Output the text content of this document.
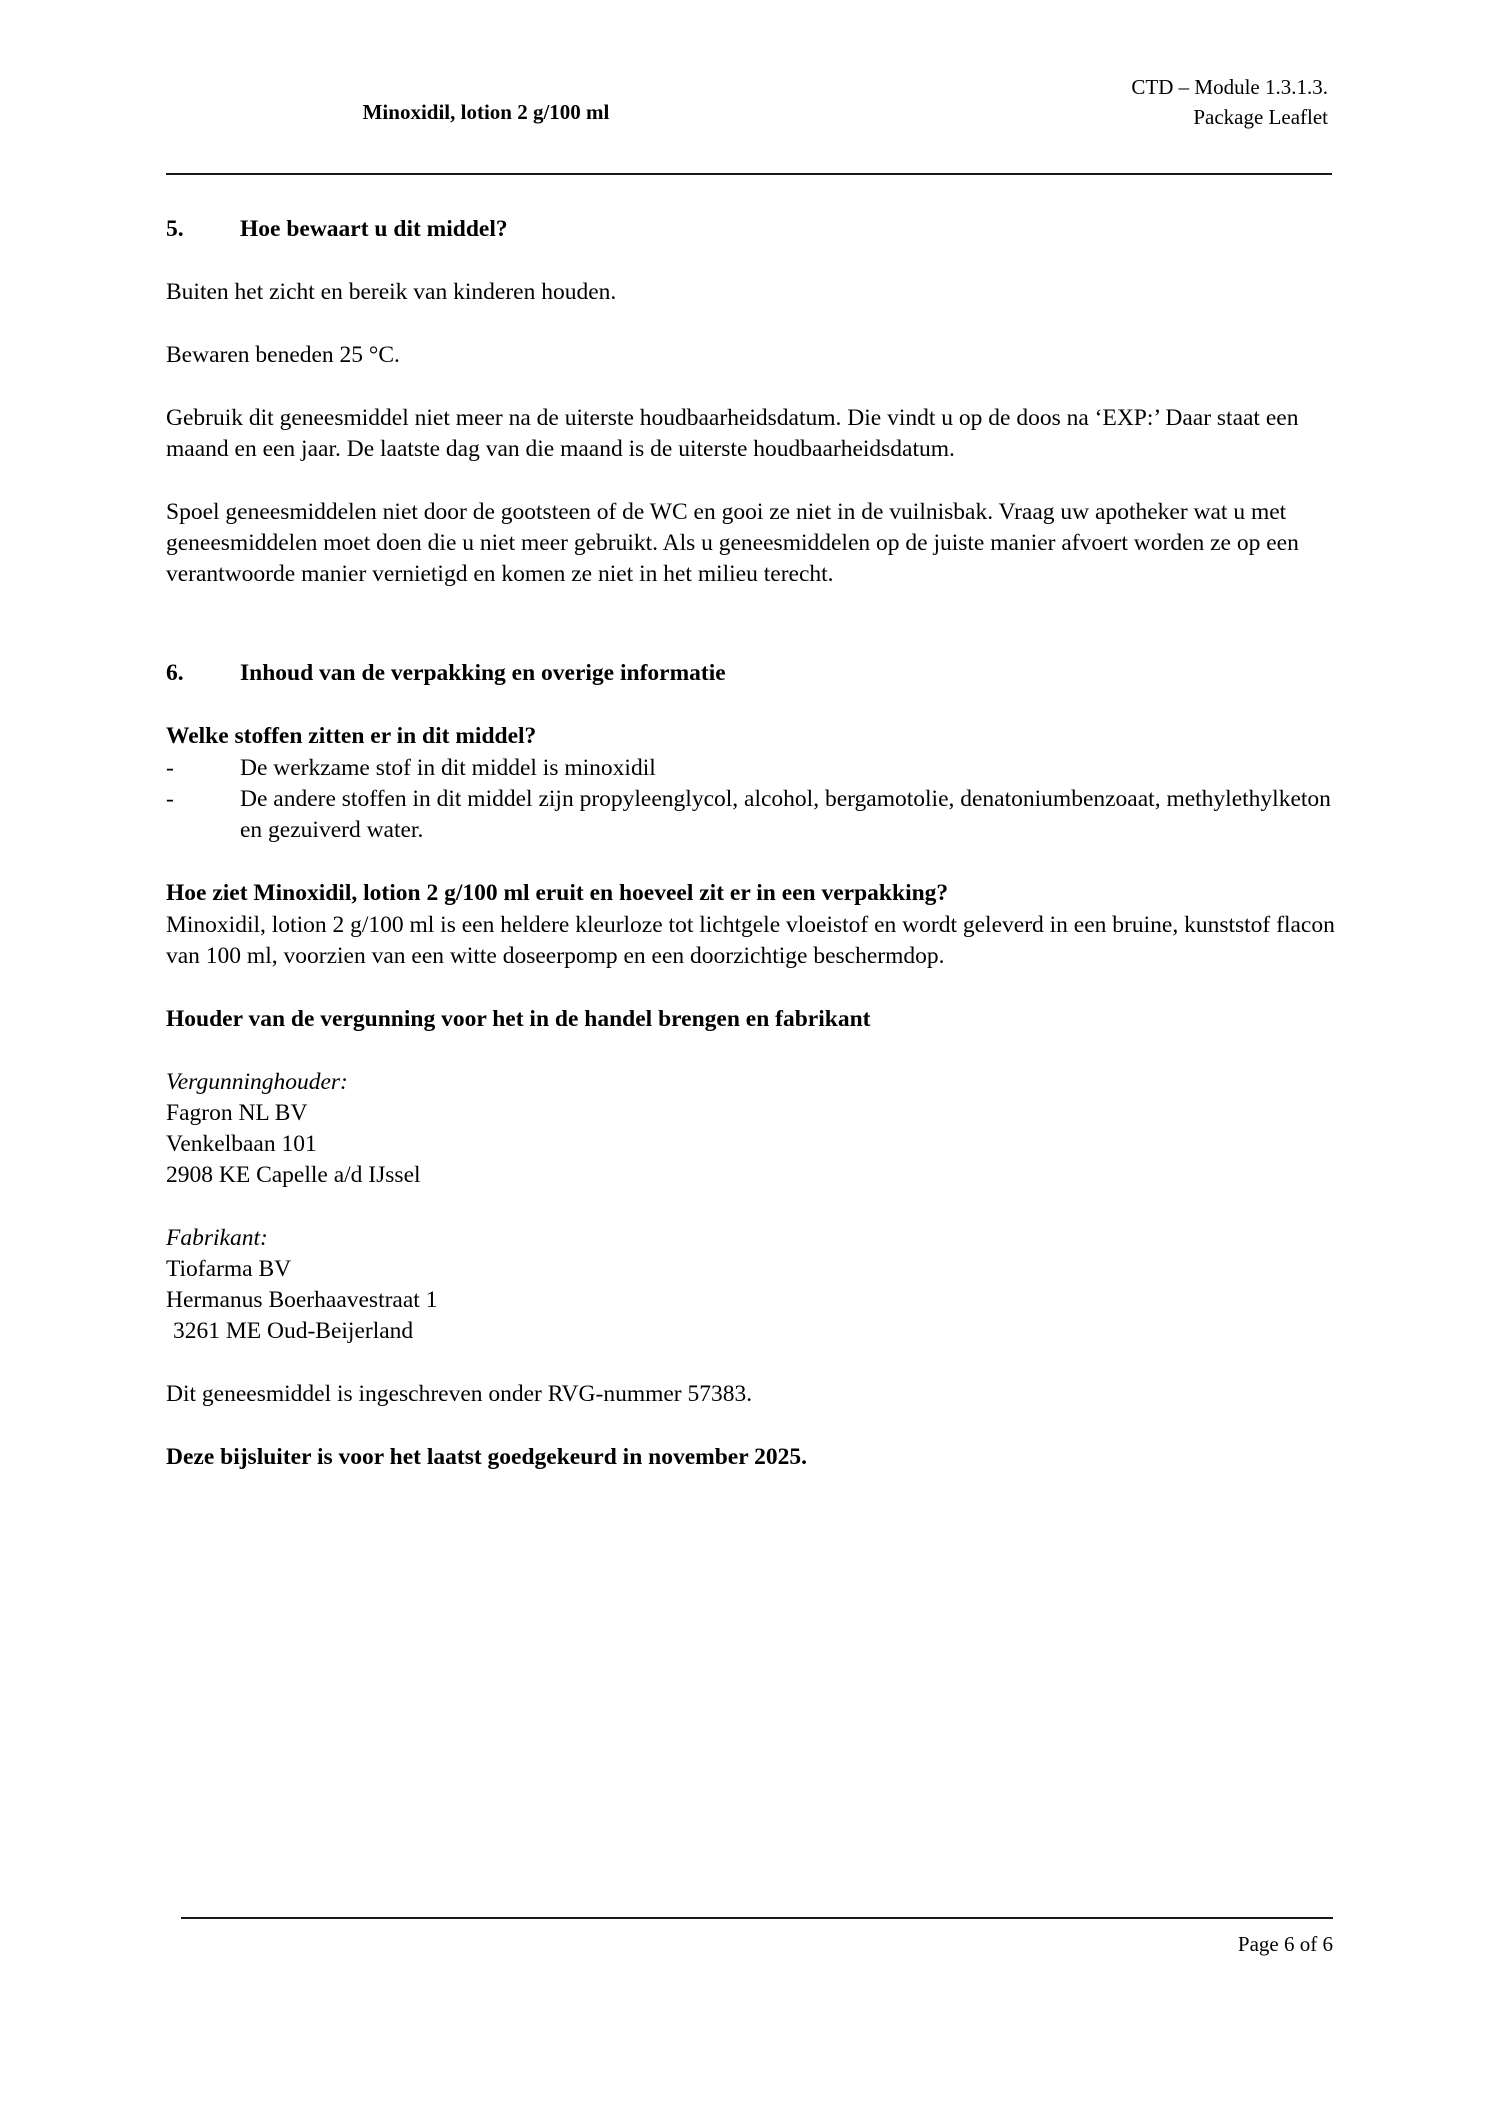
Minoxidil, lotion 2 g/100 ml
CTD – Module 1.3.1.3.
Package Leaflet
5.	Hoe bewaart u dit middel?

Buiten het zicht en bereik van kinderen houden.

Bewaren beneden 25 °C.

Gebruik dit geneesmiddel niet meer na de uiterste houdbaarheidsdatum. Die vindt u op de doos na ‘EXP:’ Daar staat een maand en een jaar. De laatste dag van die maand is de uiterste houdbaarheidsdatum.

Spoel geneesmiddelen niet door de gootsteen of de WC en gooi ze niet in de vuilnisbak. Vraag uw apotheker wat u met geneesmiddelen moet doen die u niet meer gebruikt. Als u geneesmiddelen op de juiste manier afvoert worden ze op een verantwoorde manier vernietigd en komen ze niet in het milieu terecht.

6.	Inhoud van de verpakking en overige informatie

Welke stoffen zitten er in dit middel?

-	De werkzame stof in dit middel is minoxidil
-	De andere stoffen in dit middel zijn propyleenglycol, alcohol, bergamotolie, denatoniumbenzoaat, methylethylketon en gezuiverd water.

Hoe ziet Minoxidil, lotion 2 g/100 ml eruit en hoeveel zit er in een verpakking?

Minoxidil, lotion 2 g/100 ml is een heldere kleurloze tot lichtgele vloeistof en wordt geleverd in een bruine, kunststof flacon van 100 ml, voorzien van een witte doseerpomp en een doorzichtige beschermdop.

Houder van de vergunning voor het in de handel brengen en fabrikant

Vergunninghouder:
Fagron NL BV
Venkelbaan 101
2908 KE Capelle a/d IJssel
Fabrikant:
Tiofarma BV
Hermanus Boerhaavestraat 1
3261 ME Oud-Beijerland

Dit geneesmiddel is ingeschreven onder RVG-nummer 57383.

Deze bijsluiter is voor het laatst goedgekeurd in november 2025.

Page 6 of 6
